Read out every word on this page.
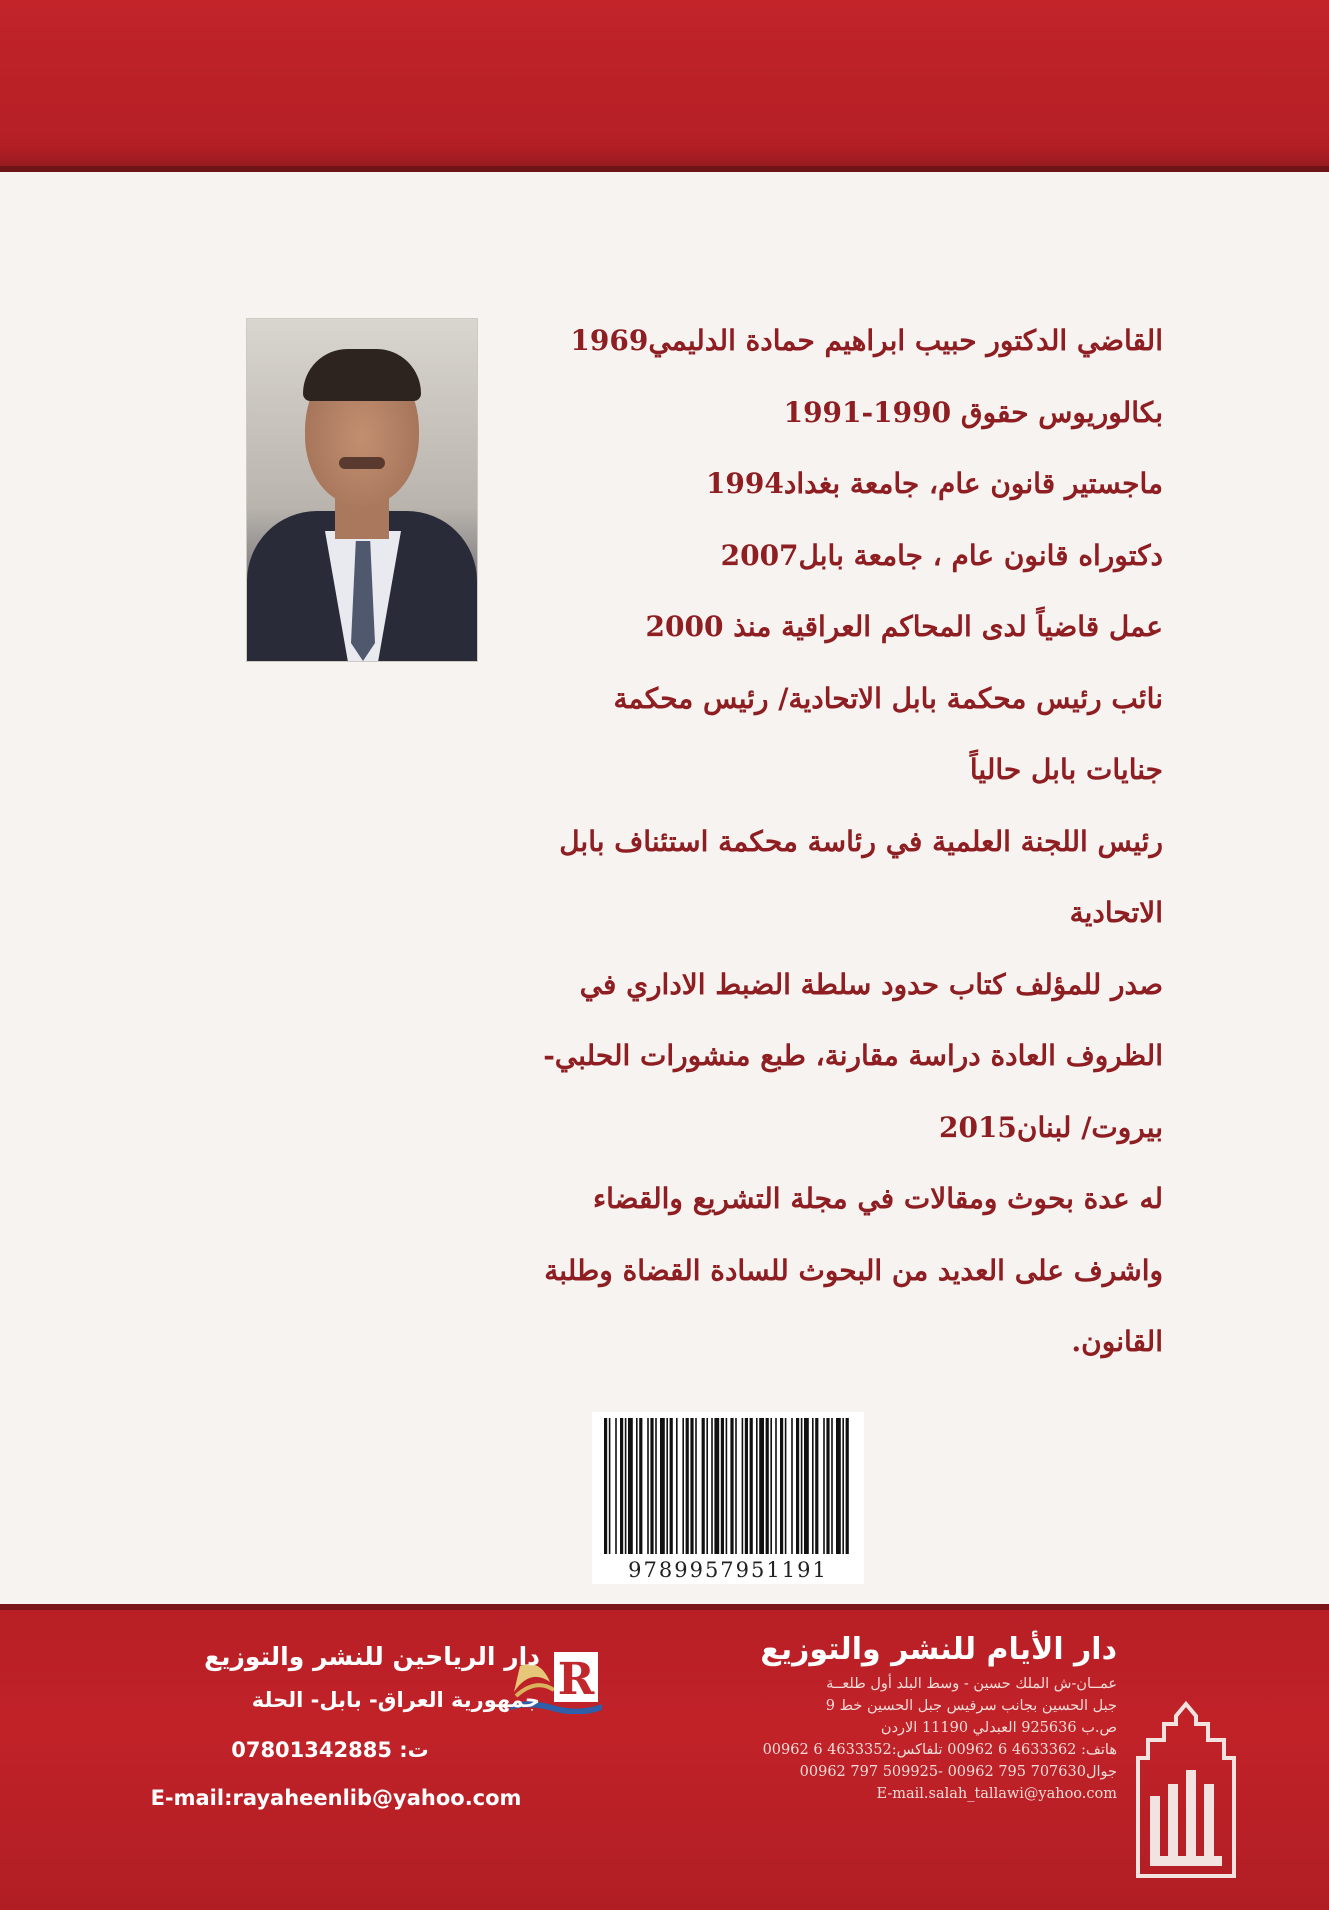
القاضي الدكتور حبيب ابراهيم حمادة الدليمي1969
بكالوريوس حقوق 1990-1991
ماجستير قانون عام، جامعة بغداد1994
دكتوراه قانون عام ، جامعة بابل2007
عمل قاضياً لدى المحاكم العراقية منذ 2000
نائب رئيس محكمة بابل الاتحادية/ رئيس محكمة
جنايات بابل حالياً
رئيس اللجنة العلمية في رئاسة محكمة استئناف بابل
الاتحادية
صدر للمؤلف كتاب حدود سلطة الضبط الاداري في
الظروف العادة دراسة مقارنة، طبع منشورات الحلبي-
بيروت/ لبنان2015
له عدة بحوث ومقالات في مجلة التشريع والقضاء
واشرف على العديد من البحوث للسادة القضاة وطلبة
القانون.
9789957951191
دار الأيام للنشر والتوزيع
عمــان-ش الملك حسين - وسط البلد أول طلعــة
جبل الحسين بجانب سرفيس جبل الحسين خط 9
ص.ب 925636 العبدلي 11190 الاردن
هاتف: 4633362 6 00962 تلفاكس:4633352 6 00962
جوال707630 795 00962 -509925 797 00962
E-mail.salah_tallawi@yahoo.com
R
دار الرياحين للنشر والتوزيع
جمهورية العراق- بابل- الحلة
ت: 07801342885
E-mail:rayaheenlib@yahoo.com
